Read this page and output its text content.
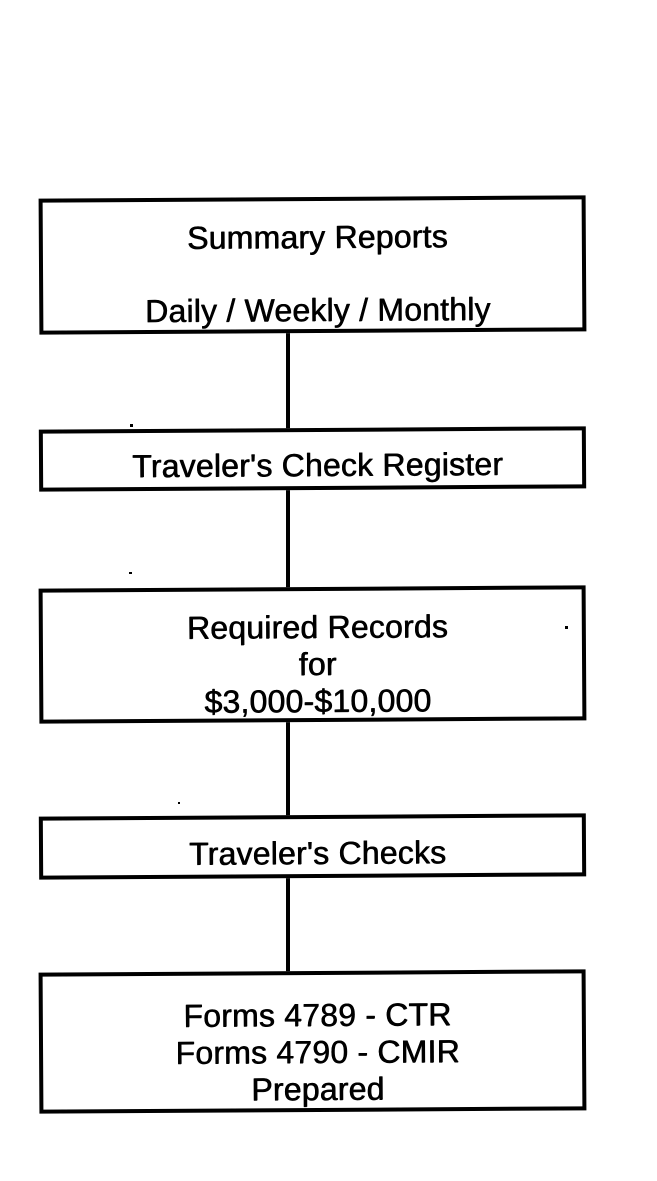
Summary Reports
Daily / Weekly / Monthly
Traveler's Check Register
Required Records
for
$3,000-$10,000
Traveler's Checks
Forms 4789 - CTR
Forms 4790 - CMIR
Prepared
